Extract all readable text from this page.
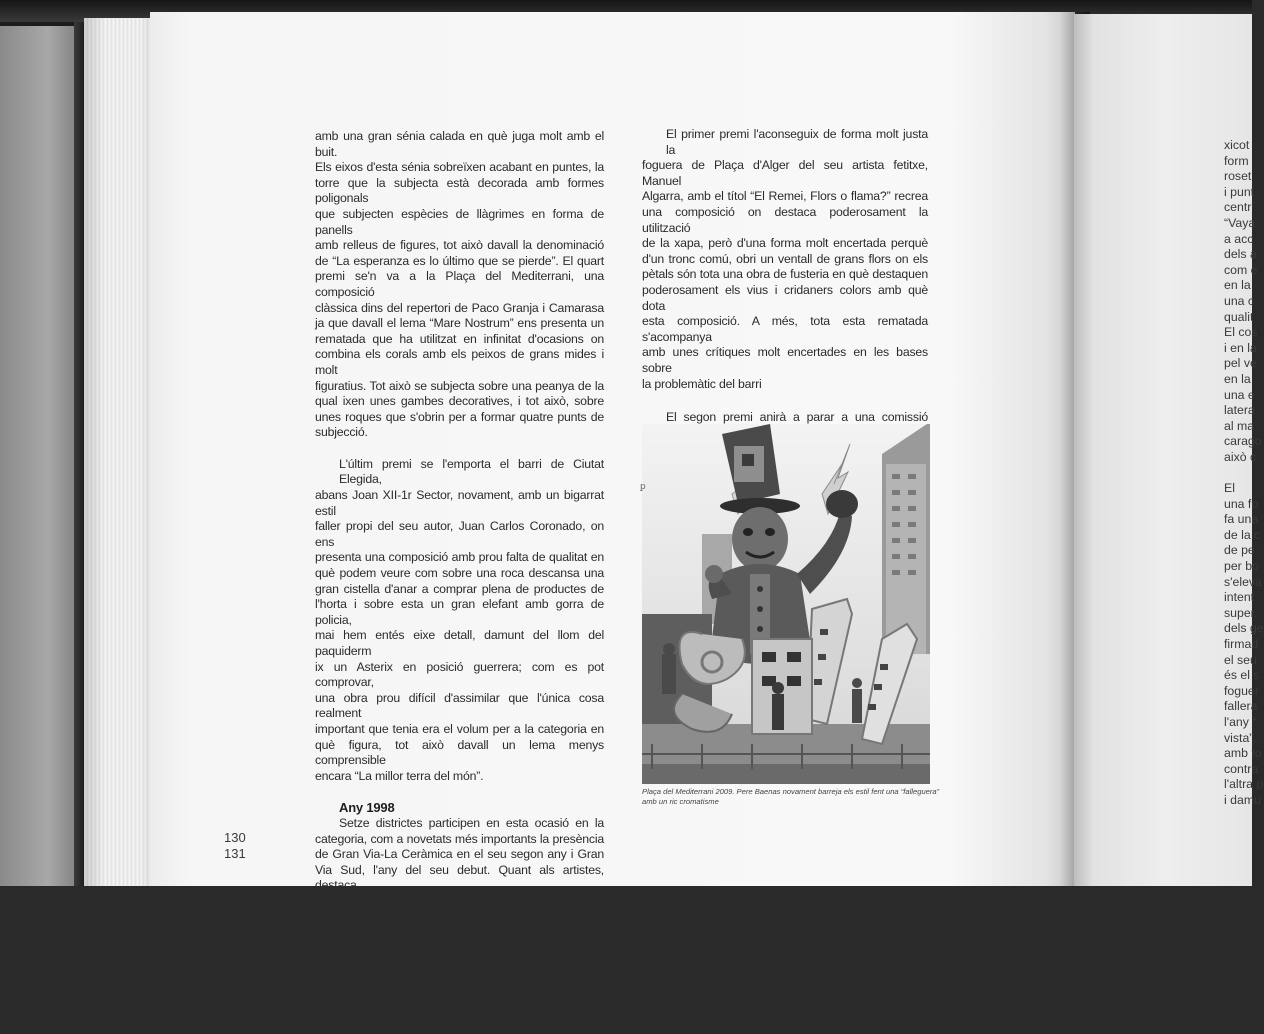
amb una gran sénia calada en què juga molt amb el buit.
Els eixos d'esta sénia sobreïxen acabant en puntes, la
torre que la subjecta està decorada amb formes poligonals
que subjecten espècies de llàgrimes en forma de panells
amb relleus de figures, tot això davall la denominació
de “La esperanza es lo último que se pierde”. El quart
premi se'n va a la Plaça del Mediterrani, una composició
clàssica dins del repertori de Paco Granja i Camarasa
ja que davall el lema “Mare Nostrum” ens presenta un
rematada que ha utilitzat en infinitat d'ocasions on
combina els corals amb els peixos de grans mides i molt
figuratius. Tot això se subjecta sobre una peanya de la
qual ixen unes gambes decoratives, i tot això, sobre
unes roques que s'obrin per a formar quatre punts de
subjecció.
L'últim premi se l'emporta el barri de Ciutat Elegida,
abans Joan XII-1r Sector, novament, amb un bigarrat estil
faller propi del seu autor, Juan Carlos Coronado, on ens
presenta una composició amb prou falta de qualitat en
què podem veure com sobre una roca descansa una
gran cistella d'anar a comprar plena de productes de
l'horta i sobre esta un gran elefant amb gorra de policia,
mai hem entés eixe detall, damunt del llom del paquiderm
ix un Asterix en posició guerrera; com es pot comprovar,
una obra prou difícil d'assimilar que l'única cosa realment
important que tenia era el volum per a la categoria en
què figura, tot això davall un lema menys comprensible
encara “La millor terra del món”.
Any 1998
Setze districtes participen en esta ocasió en la
categoria, com a novetats més importants la presència
de Gran Via-La Ceràmica en el seu segon any i Gran
Via Sud, l'any del seu debut. Quant als artistes, destaca
la presència del gandià Pedro Baenas amb tres
monuments, abans de fer el bot definitiu a la categoria
especial, tres monuments de Paco Granja i Camarasa,
molt en la línia del seu autor i dos monuments també
de Fran Santonja, abans d'apostar per metes més altes.
Amb dos monuments també es presenta Juan Carlos
Asensi, però amb els quals no tindrà sort en el
repartiment de guardons.
El primer premi l'aconseguix de forma molt justa la
foguera de Plaça d'Alger del seu artista fetitxe, Manuel
Algarra, amb el títol “El Remei, Flors o flama?” recrea
una composició on destaca poderosament la utilització
de la xapa, però d'una forma molt encertada perquè
d'un tronc comú, obri un ventall de grans flors on els
pètals són tota una obra de fusteria en què destaquen
poderosament els vius i cridaners colors amb què dota
esta composició. A més, tota esta rematada s'acompanya
amb unes crítiques molt encertades en les bases sobre
la problemàtic del barri
El segon premi anirà a parar a una comissió
Plaça del Mediterrani 2009. Pere Baenas novament barreja els estil fent una “falleguera”
amb un ric cromatisme
ꝑ
130
131
xicot
form
roset
i punt
centr
“Vaya
a acc
dels a
com e
en la
una c
qualit
El cos
i en la
pel ve
en la
una e
latera
al ma
carago
això c
El
una fo
fa una
de la c
de pe
per bo
s'eleva
intent
super.
dels ge
firmad
el seu
és el s
foguer
fallera
l'any “
vista”.
amb to
contra
l'altra p
i damu
